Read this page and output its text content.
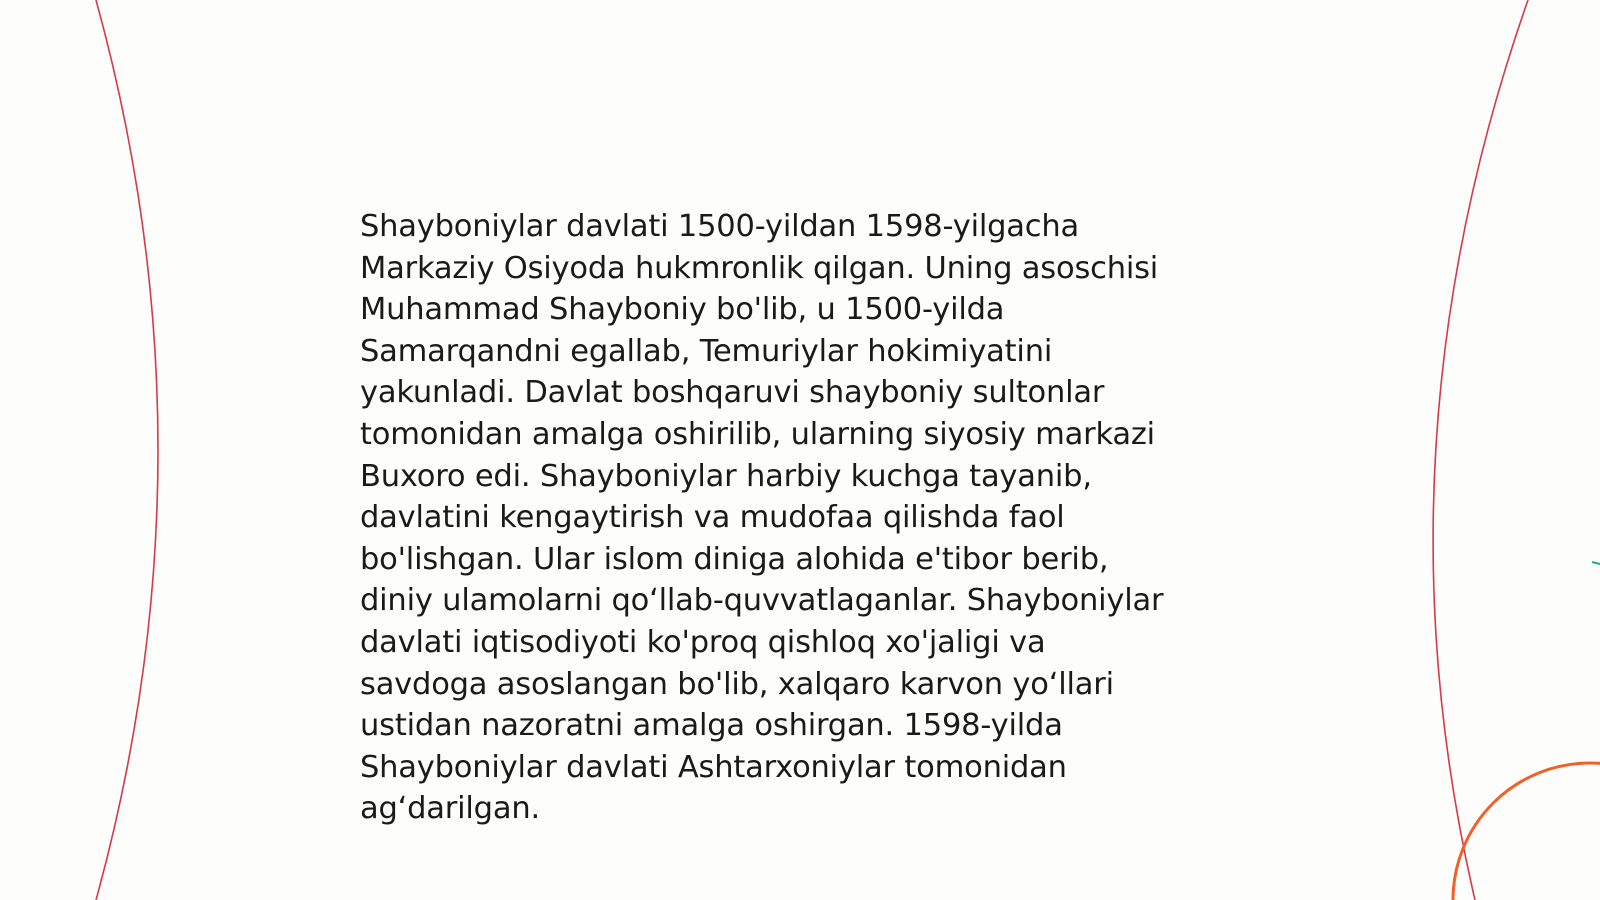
Shayboniylar davlati 1500-yildan 1598-yilgacha
Markaziy Osiyoda hukmronlik qilgan. Uning asoschisi
Muhammad Shayboniy bo'lib, u 1500-yilda
Samarqandni egallab, Temuriylar hokimiyatini
yakunladi. Davlat boshqaruvi shayboniy sultonlar
tomonidan amalga oshirilib, ularning siyosiy markazi
Buxoro edi. Shayboniylar harbiy kuchga tayanib,
davlatini kengaytirish va mudofaa qilishda faol
bo'lishgan. Ular islom diniga alohida e'tibor berib,
diniy ulamolarni qo‘llab-quvvatlaganlar. Shayboniylar
davlati iqtisodiyoti ko'proq qishloq xo'jaligi va
savdoga asoslangan bo'lib, xalqaro karvon yo‘llari
ustidan nazoratni amalga oshirgan. 1598-yilda
Shayboniylar davlati Ashtarxoniylar tomonidan
ag‘darilgan.
